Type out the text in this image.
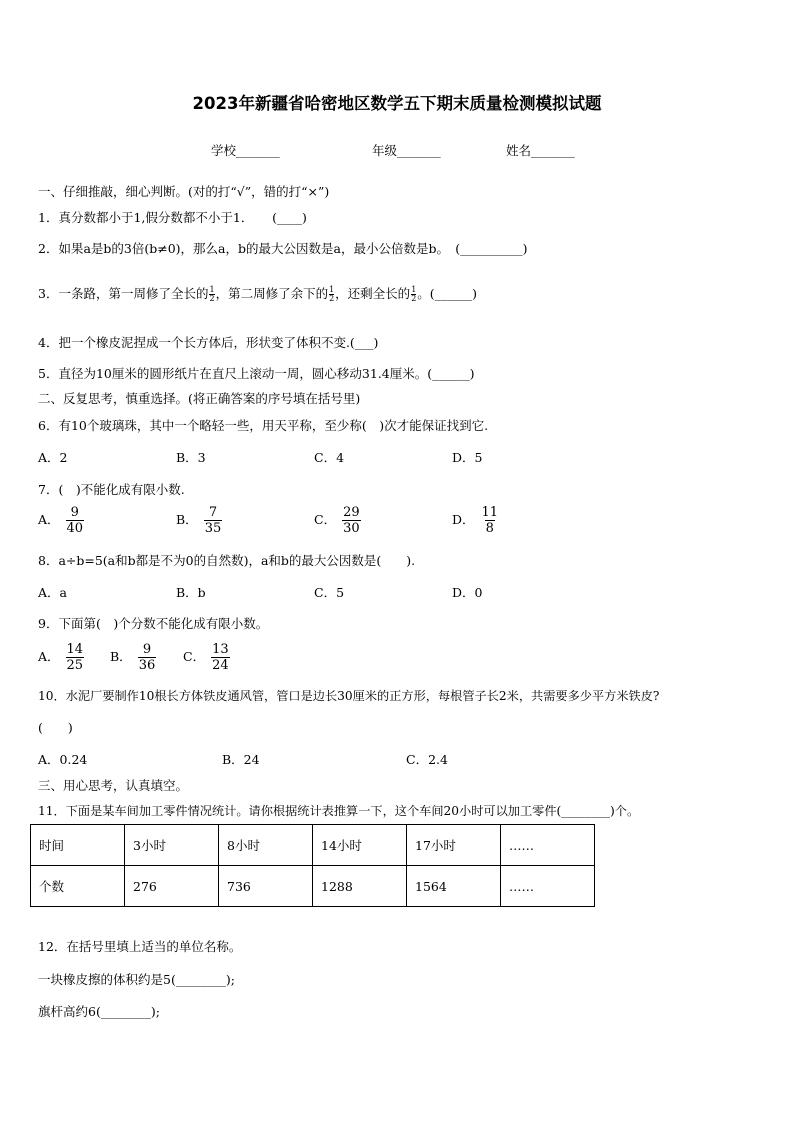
2023年新疆省哈密地区数学五下期末质量检测模拟试题
学校_______	年级_______	姓名_______
一、仔细推敲，细心判断。(对的打“√”，错的打“×”)
1．真分数都小于1,假分数都不小于1．　　(____)
2．如果a是b的3倍(b≠0)，那么a，b的最大公因数是a，最小公倍数是b。　(__________)
3．一条路，第一周修了全长的 $\frac{1}{2}$ ，第二周修了余下的 $\frac{1}{2}$ ，还剩全长的 $\frac{1}{2}$ 。(______)
4．把一个橡皮泥捏成一个长方体后，形状变了体积不变.(___)
5．直径为10厘米的圆形纸片在直尺上滚动一周，圆心移动31.4厘米。(______)
二、反复思考，慎重选择。(将正确答案的序号填在括号里)
6．有10个玻璃珠，其中一个略轻一些，用天平称，至少称(　)次才能保证找到它.
A．2	B．3	C．4	D．5
7．(　)不能化成有限小数.
A． $\frac{9}{40}$	B． $\frac{7}{35}$	C． $\frac{29}{30}$	D． $\frac{11}{8}$
8．a÷b=5(a和b都是不为0的自然数)，a和b的最大公因数是(　　).
A．a	B．b	C．5	D．0
9．下面第(　)个分数不能化成有限小数。
A． $\frac{14}{25}$ B． $\frac{9}{36}$ C． $\frac{13}{24}$
10．水泥厂要制作10根长方体铁皮通风管，管口是边长30厘米的正方形，每根管子长2米，共需要多少平方米铁皮?
(　　)
A．0.24	B．24	C．2.4
三、用心思考，认真填空。
11．下面是某车间加工零件情况统计。请你根据统计表推算一下，这个车间20小时可以加工零件(________)个。
时间	3小时	8小时	14小时	17小时	……
个数	276	736	1288	1564	……
12．在括号里填上适当的单位名称。
一块橡皮擦的体积约是5(________);
旗杆高约6(________);
